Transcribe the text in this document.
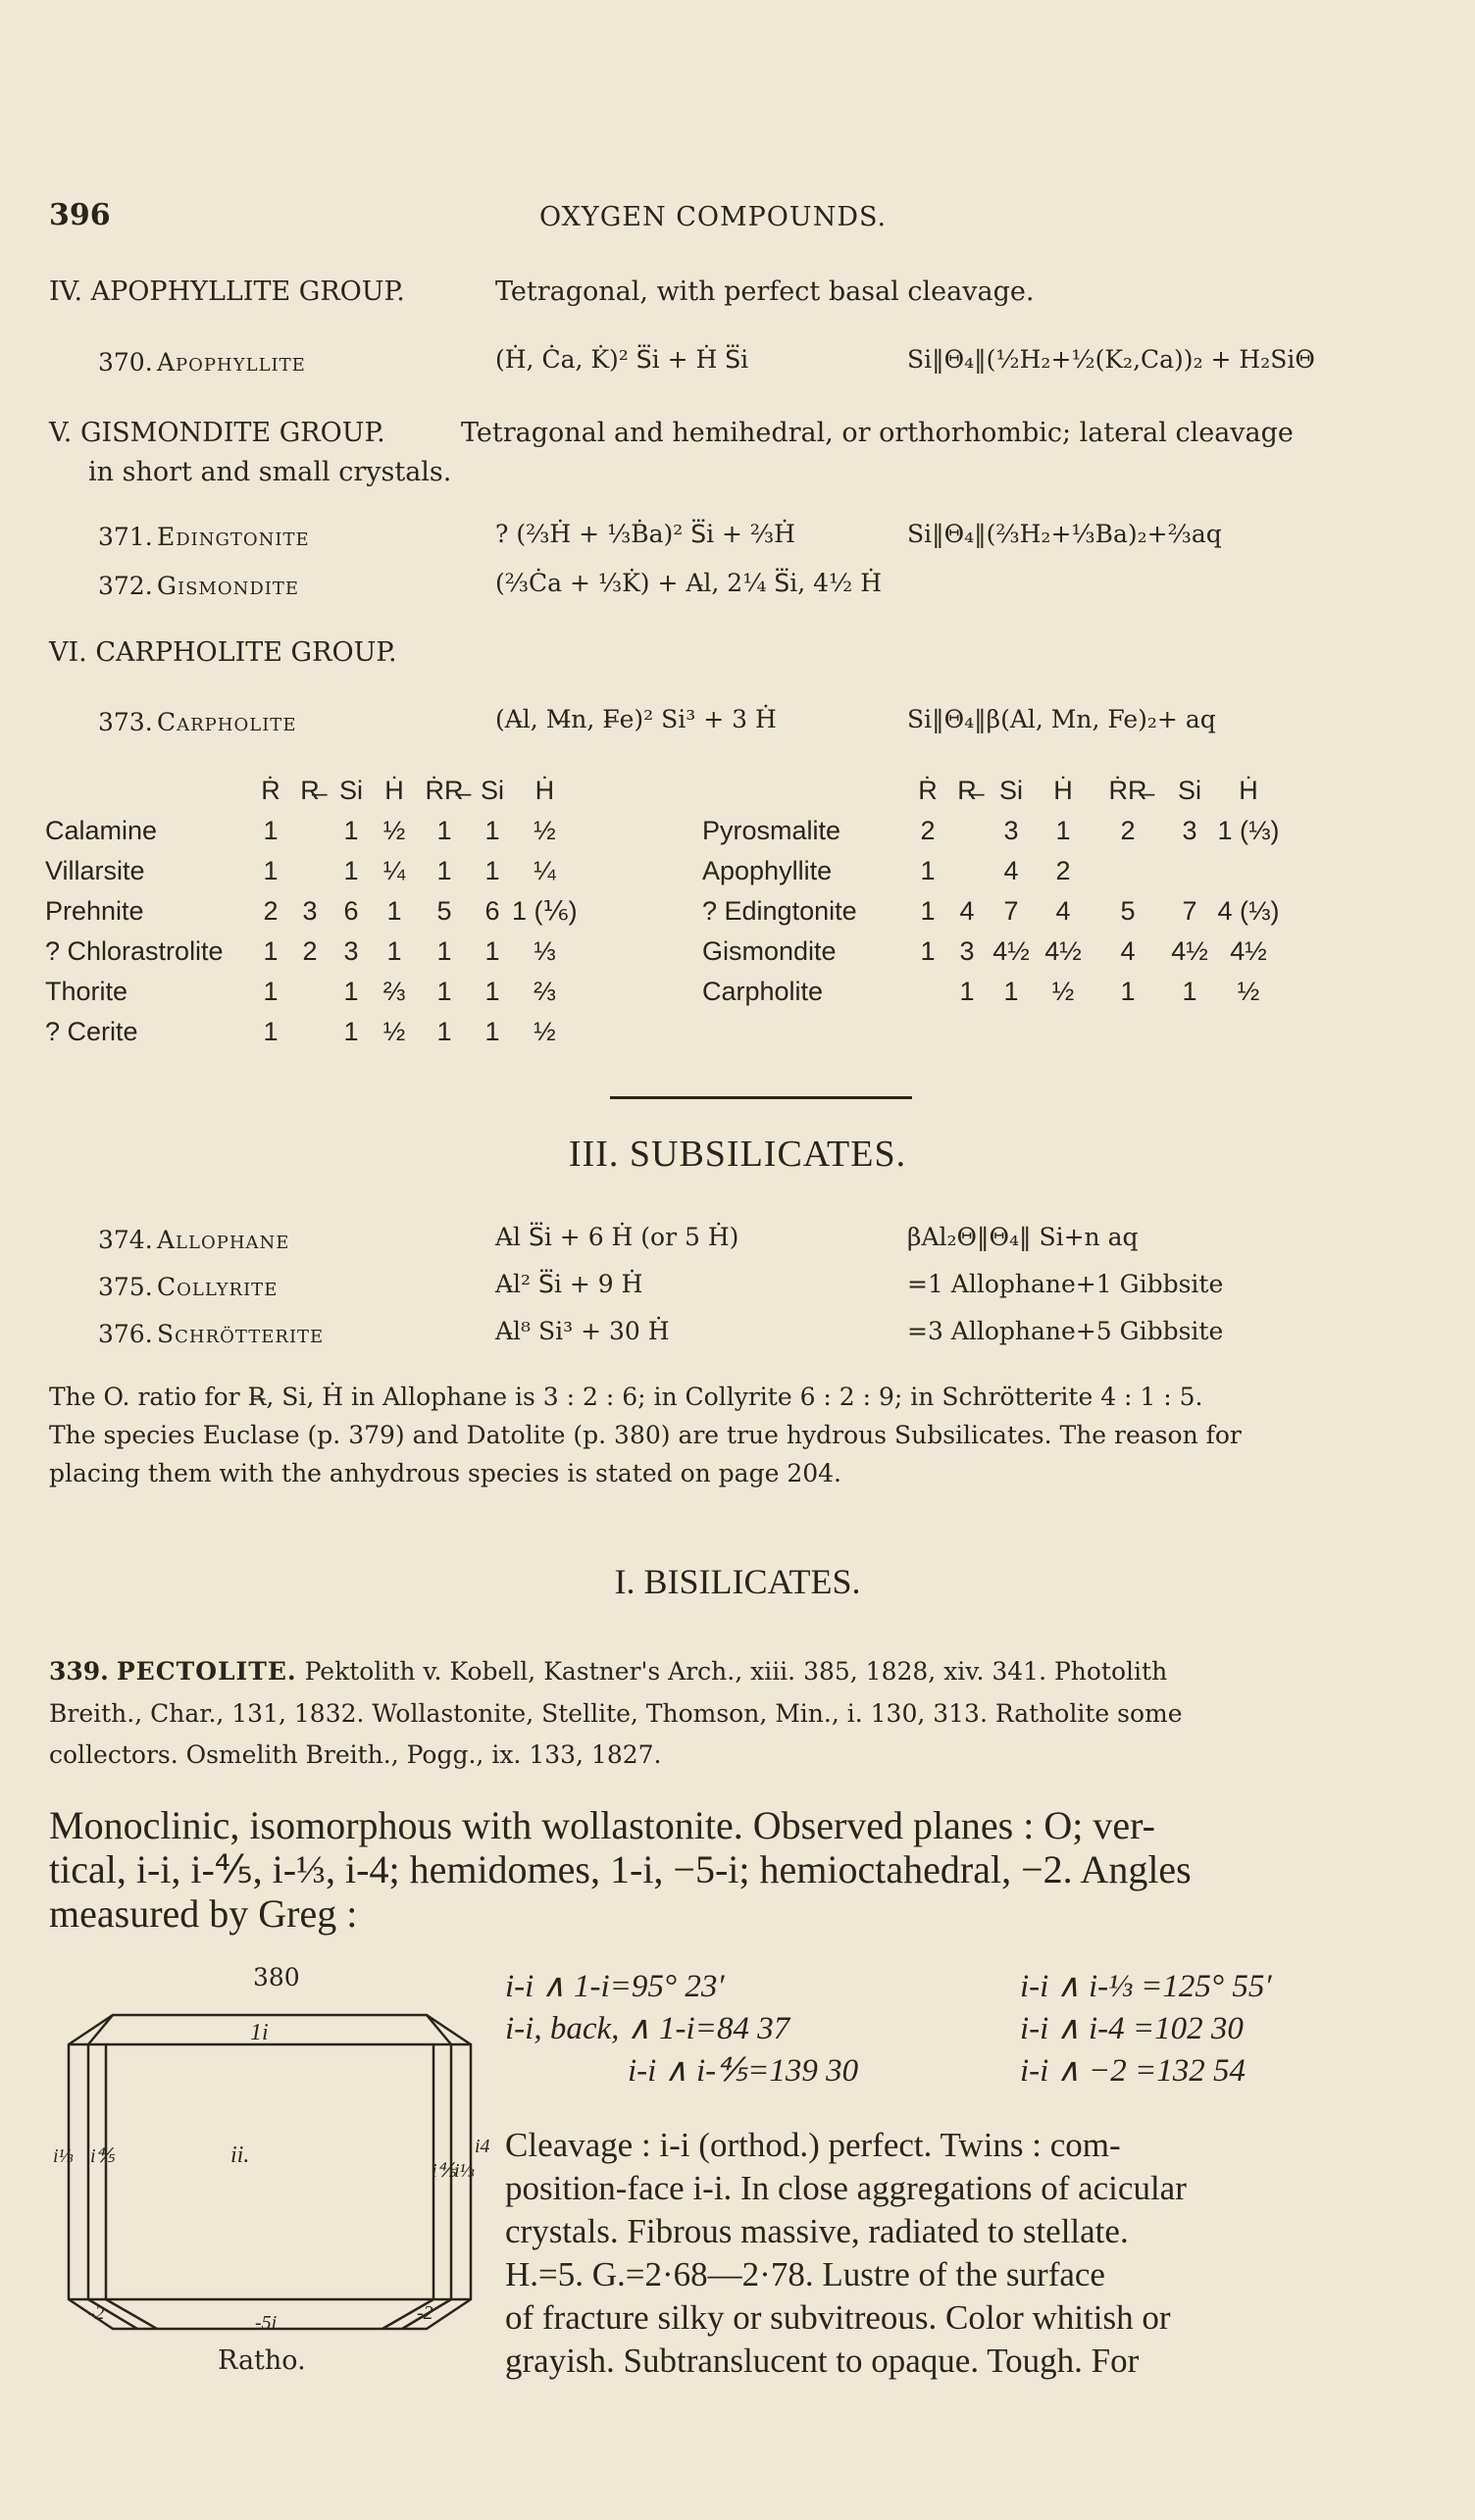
396	OXYGEN COMPOUNDS.
IV. APOPHYLLITE GROUP.	Tetragonal, with perfect basal cleavage.
370. Apophyllite	(Ḣ, Ċa, K̇)² S⃛i + Ḣ S⃛i	Si‖Θ₄‖(½H₂+½(K₂,Ca))₂ + H₂SiΘ
V. GISMONDITE GROUP.	Tetragonal and hemihedral, or orthorhombic; lateral cleavage
in short and small crystals.
371. Edingtonite	? (⅔Ḣ + ⅓Ḃa)² S⃛i + ⅔Ḣ	Si‖Θ₄‖(⅔H₂+⅓Ba)₂+⅔aq
372. Gismondite	(⅔Ċa + ⅓K̇) + A̶l, 2¼ S⃛i, 4½ Ḣ
VI. CARPHOLITE GROUP.
373. Carpholite	(A̶l, M̶n, F̶e)² Si³ + 3 Ḣ	Si‖Θ₄‖β(Al, Mn, Fe)₂+ aq
	Ṙ	R̶	Si	Ḣ	ṘR̶	Si	Ḣ
Calamine	1		1	½	1	1	½
Villarsite	1		1	¼	1	1	¼
Prehnite	2	3	6	1	5	6	1 (⅙)
? Chlorastrolite	1	2	3	1	1	1	⅓
Thorite	1		1	⅔	1	1	⅔
? Cerite	1		1	½	1	1	½
	Ṙ	R̶	Si	Ḣ	ṘR̶	Si	Ḣ
Pyrosmalite	2		3	1	2	3	1 (⅓)
Apophyllite	1		4	2			
? Edingtonite	1	4	7	4	5	7	4 (⅓)
Gismondite	1	3	4½	4½	4	4½	4½
Carpholite		1	1	½	1	1	½
III. SUBSILICATES.
374. Allophane	A̶l S⃛i + 6 Ḣ (or 5 Ḣ)	βAl₂Θ‖Θ₄‖ Si+n aq
375. Collyrite	A̶l² S⃛i + 9 Ḣ	=1 Allophane+1 Gibbsite
376. Schrötterite	A̶l⁸ Si³ + 30 Ḣ	=3 Allophane+5 Gibbsite
The O. ratio for R̶, Si, Ḣ in Allophane is 3 : 2 : 6; in Collyrite 6 : 2 : 9; in Schrötterite 4 : 1 : 5.
The species Euclase (p. 379) and Datolite (p. 380) are true hydrous Subsilicates. The reason for
placing them with the anhydrous species is stated on page 204.
I. BISILICATES.
339. PECTOLITE. Pektolith v. Kobell, Kastner's Arch., xiii. 385, 1828, xiv. 341. Photolith
Breith., Char., 131, 1832. Wollastonite, Stellite, Thomson, Min., i. 130, 313. Ratholite some
collectors. Osmelith Breith., Pogg., ix. 133, 1827.
Monoclinic, isomorphous with wollastonite. Observed planes : O; ver-
tical, i-i, i-⅘, i-⅓, i-4; hemidomes, 1-i, −5-i; hemioctahedral, −2. Angles
measured by Greg :
380
1i
ii.
i⅓ i⅘
i⅘
i⅓
i4
-2	-2
-5i
Ratho.
i-i ∧ 1-i=95° 23′	i-i ∧ i-⅓ =125° 55′
i-i, back, ∧ 1-i=84 37	i-i ∧ i-4 =102 30
i-i ∧ i-⅘=139 30	i-i ∧ −2 =132 54
Cleavage : i-i (orthod.) perfect. Twins : com-
position-face i-i. In close aggregations of acicular
crystals. Fibrous massive, radiated to stellate.
H.=5. G.=2·68—2·78. Lustre of the surface
of fracture silky or subvitreous. Color whitish or
grayish. Subtranslucent to opaque. Tough. For
